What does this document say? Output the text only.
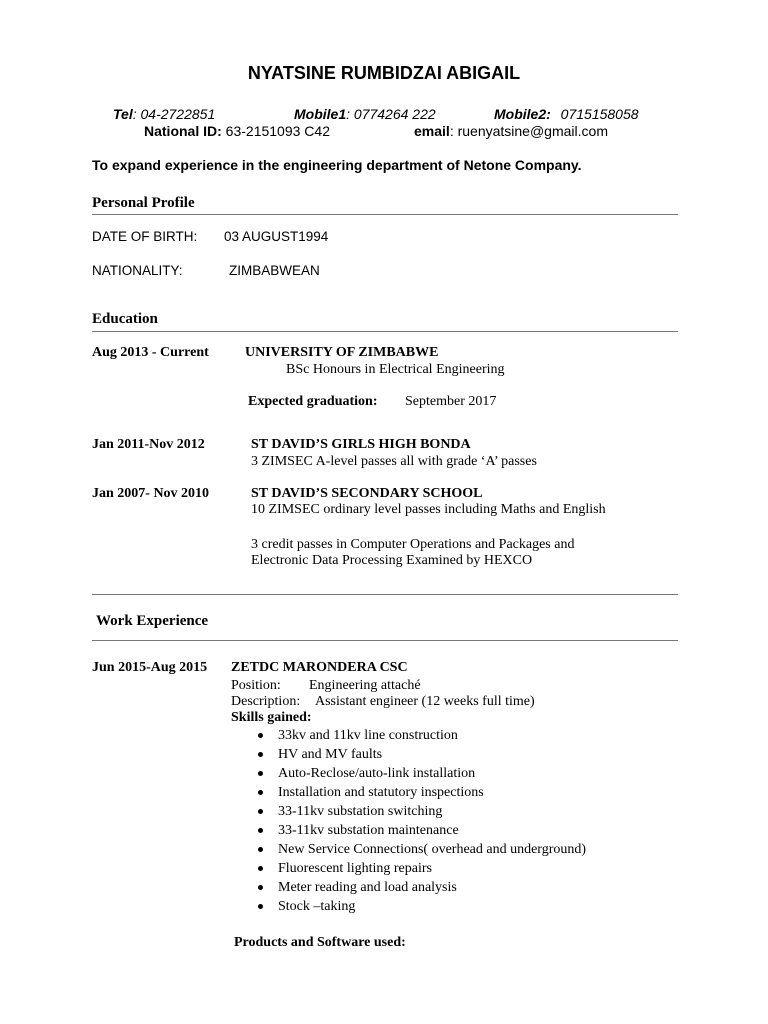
NYATSINE RUMBIDZAI ABIGAIL
Tel: 04-2722851	Mobile1: 0774264 222	Mobile2: 0715158058
National ID: 63-2151093 C42	email: ruenyatsine@gmail.com
To expand experience in the engineering department of Netone Company.
Personal Profile
DATE OF BIRTH: 03 AUGUST1994
NATIONALITY:	ZIMBABWEAN
Education
Aug 2013 - Current	UNIVERSITY OF ZIMBABWE
BSc Honours in Electrical Engineering
Expected graduation: September 2017
Jan 2011-Nov 2012	ST DAVID’S GIRLS HIGH BONDA
3 ZIMSEC A-level passes all with grade ‘A’ passes
Jan 2007- Nov 2010	ST DAVID’S SECONDARY SCHOOL
10 ZIMSEC ordinary level passes including Maths and English
3 credit passes in Computer Operations and Packages and
Electronic Data Processing Examined by HEXCO
Work Experience
Jun 2015-Aug 2015 ZETDC MARONDERA CSC
Position: Engineering attaché
Description: Assistant engineer (12 weeks full time)
Skills gained:
33kv and 11kv line construction
HV and MV faults
Auto-Reclose/auto-link installation
Installation and statutory inspections
33-11kv substation switching
33-11kv substation maintenance
New Service Connections( overhead and underground)
Fluorescent lighting repairs
Meter reading and load analysis
Stock –taking
Products and Software used:
